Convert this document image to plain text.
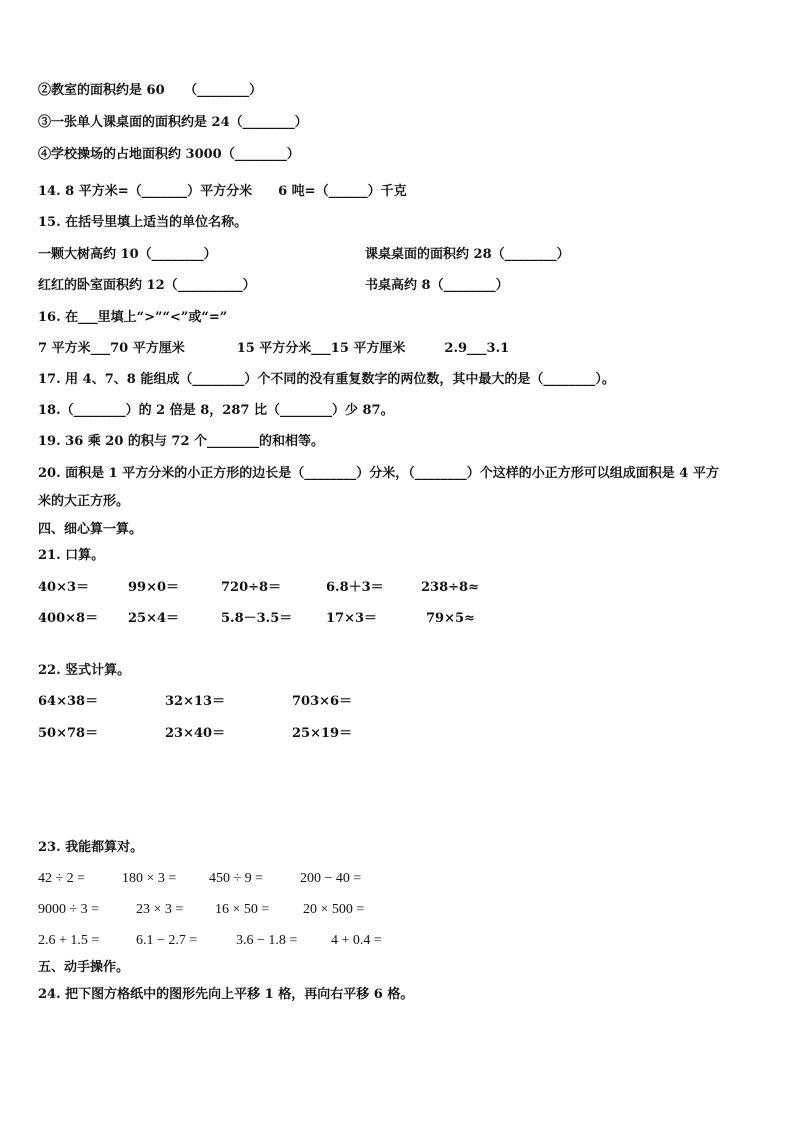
②教室的面积约是 60　　（________）
③一张单人课桌面的面积约是 24（________）
④学校操场的占地面积约 3000（________）
14. 8 平方米=（_______）平方分米　　6 吨=（______）千克
15. 在括号里填上适当的单位名称。
一颗大树高约 10（________）	课桌桌面的面积约 28（________）
红红的卧室面积约 12（__________）	书桌高约 8（________）
16. 在___里填上“>”“<”或“=”
7 平方米___70 平方厘米　　　　15 平方分米___15 平方厘米　　　2.9___3.1
17. 用 4、7、8 能组成（________）个不同的没有重复数字的两位数，其中最大的是（________）。
18.（________）的 2 倍是 8，287 比（________）少 87。
19. 36 乘 20 的积与 72 个________的和相等。
20. 面积是 1 平方分米的小正方形的边长是（________）分米，（________）个这样的小正方形可以组成面积是 4 平方
米的大正方形。
四、细心算一算。
21. 口算。
40×3＝	99×0＝	720÷8＝	6.8＋3＝	238÷8≈
400×8＝ 25×4＝	5.8－3.5＝	17×3＝	79×5≈
22. 竖式计算。
64×38＝	32×13＝	703×6＝
50×78＝	23×40＝	25×19＝
23. 我能都算对。
42 ÷ 2 =	180 × 3 = 450 ÷ 9 =	200 − 40 =
9000 ÷ 3 =	23 × 3 = 16 × 50 = 20 × 500 =
2.6 + 1.5 =	6.1 − 2.7 =	3.6 − 1.8 = 4 + 0.4 =
五、动手操作。
24. 把下图方格纸中的图形先向上平移 1 格，再向右平移 6 格。
